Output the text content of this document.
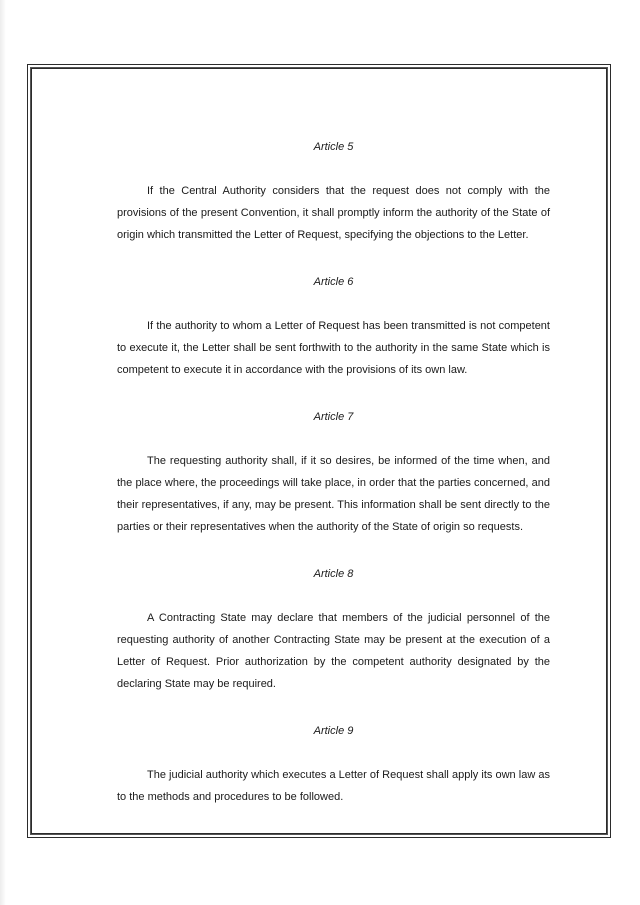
Article 5

If the Central Authority considers that the request does not comply with the provisions of the present Convention, it shall promptly inform the authority of the State of origin which transmitted the Letter of Request, specifying the objections to the Letter.

Article 6

If the authority to whom a Letter of Request has been transmitted is not competent to execute it, the Letter shall be sent forthwith to the authority in the same State which is competent to execute it in accordance with the provisions of its own law.

Article 7

The requesting authority shall, if it so desires, be informed of the time when, and the place where, the proceedings will take place, in order that the parties concerned, and their representatives, if any, may be present. This information shall be sent directly to the parties or their representatives when the authority of the State of origin so requests.

Article 8

A Contracting State may declare that members of the judicial personnel of the requesting authority of another Contracting State may be present at the execution of a Letter of Request. Prior authorization by the competent authority designated by the declaring State may be required.

Article 9

The judicial authority which executes a Letter of Request shall apply its own law as to the methods and procedures to be followed.
